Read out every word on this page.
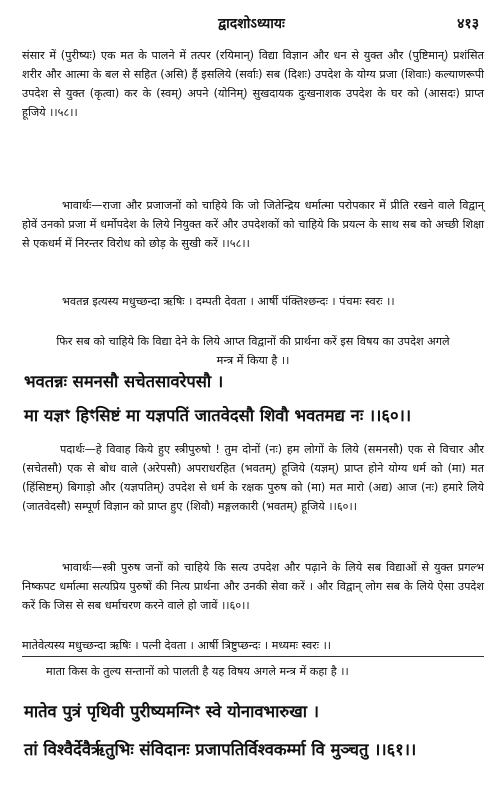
द्वादशोऽध्यायः	४१३
संसार में (पुरीष्यः) एक मत के पालने में तत्पर (रयिमान्) विद्या विज्ञान और धन से युक्त और (पुष्टिमान्) प्रशंसित शरीर और आत्मा के बल से सहित (असि) हैं इसलिये (सर्वाः) सब (दिशः) उपदेश के योग्य प्रजा (शिवाः) कल्याणरूपी उपदेश से युक्त (कृत्वा) कर के (स्वम्) अपने (योनिम्) सुखदायक दुःखनाशक उपदेश के घर को (आसदः) प्राप्त हूजिये ।।५८।।
भावार्थः—राजा और प्रजाजनों को चाहिये कि जो जितेन्द्रिय धर्मात्मा परोपकार में प्रीति रखने वाले विद्वान् होवें उनको प्रजा में धर्मोपदेश के लिये नियुक्त करें और उपदेशकों को चाहिये कि प्रयत्न के साथ सब को अच्छी शिक्षा से एकधर्म में निरन्तर विरोध को छोड़ के सुखी करें ।।५८।।
भवतन्न इत्यस्य मधुच्छन्दा ऋषिः । दम्पती देवता । आर्षी पंक्तिश्छन्दः । पंचमः स्वरः ।।
फिर सब को चाहिये कि विद्या देने के लिये आप्त विद्वानों की प्रार्थना करें इस विषय का उपदेश अगले मन्त्र में किया है ।।
भवतन्नः समनसौ सचेतसावरेपसौ ।
मा यज्ञꣳ हिꣳसिष्टं मा यज्ञपतिं जातवेदसौ शिवौ भवतमद्य नः ।।६०।।
पदार्थः—हे विवाह किये हुए स्त्रीपुरुषो ! तुम दोनों (नः) हम लोगों के लिये (समनसौ) एक से विचार और (सचेतसौ) एक से बोध वाले (अरेपसौ) अपराधरहित (भवतम्) हूजिये (यज्ञम्) प्राप्त होने योग्य धर्म को (मा) मत (हिंसिष्टम्) बिगाड़ो और (यज्ञपतिम्) उपदेश से धर्म के रक्षक पुरुष को (मा) मत मारो (अद्य) आज (नः) हमारे लिये (जातवेदसौ) सम्पूर्ण विज्ञान को प्राप्त हुए (शिवौ) मङ्गलकारी (भवतम्) हूजिये ।।६०।।
भावार्थः—स्त्री पुरुष जनों को चाहिये कि सत्य उपदेश और पढ़ाने के लिये सब विद्याओं से युक्त प्रगल्भ निष्कपट धर्मात्मा सत्यप्रिय पुरुषों की नित्य प्रार्थना और उनकी सेवा करें । और विद्वान् लोग सब के लिये ऐसा उपदेश करें कि जिस से सब धर्माचरण करने वाले हो जावें ।।६०।।
मातेवेत्यस्य मधुच्छन्दा ऋषिः । पत्नी देवता । आर्षी त्रिष्टुप्छन्दः । मध्यमः स्वरः ।।
माता किस के तुल्य सन्तानों को पालती है यह विषय अगले मन्त्र में कहा है ।।
मातेव पुत्रं पृथिवी पुरीष्यमग्निꣳ स्वे योनावभारुखा ।
तां विश्वैर्देवैर्ऋतुभिः संविदानः प्रजापतिर्विश्वकर्म्मा वि मुञ्चतु ।।६१।।
